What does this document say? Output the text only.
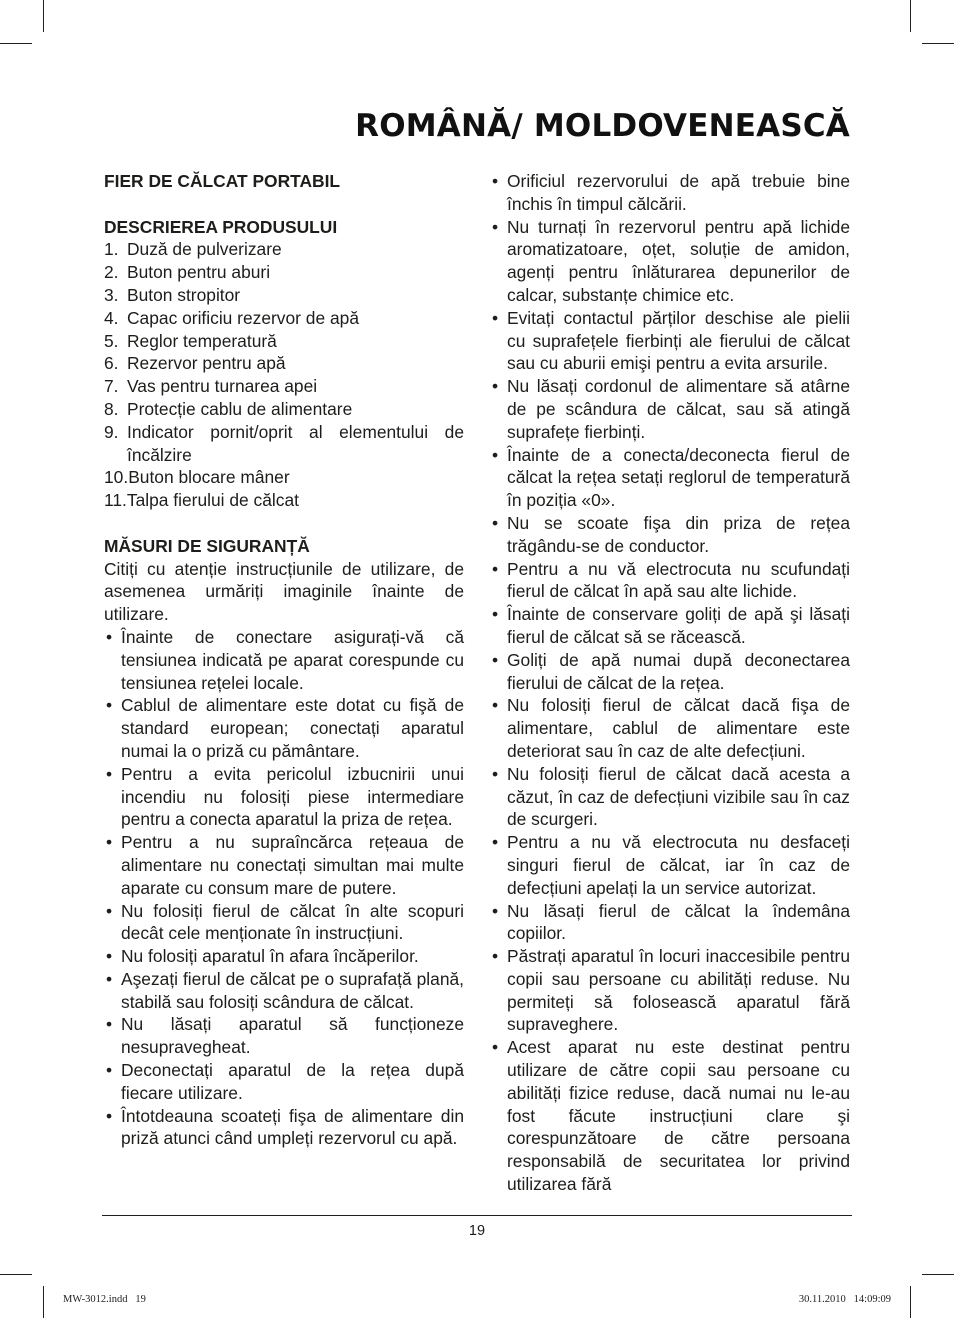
ROMÂNĂ/ MOLDOVENEASCĂ

FIER DE CĂLCAT PORTABIL

DESCRIEREA PRODUSULUI

1. Duză de pulverizare
2. Buton pentru aburi
3. Buton stropitor
4. Capac orificiu rezervor de apă
5. Reglor temperatură
6. Rezervor pentru apă
7. Vas pentru turnarea apei
8. Protecție cablu de alimentare
9. Indicator pornit/oprit al elementului de încălzire
10.Buton blocare mâner
11.Talpa fierului de călcat

MĂSURI DE SIGURANȚĂ

Citiți cu atenție instrucțiunile de utilizare, de asemenea urmăriți imaginile înainte de utilizare.

• Înainte de conectare asigurați-vă că tensiunea indicată pe aparat corespunde cu tensiunea rețelei locale.
• Cablul de alimentare este dotat cu fişă de standard european; conectați aparatul numai la o priză cu pământare.
• Pentru a evita pericolul izbucnirii unui incendiu nu folosiți piese intermediare pentru a conecta aparatul la priza de rețea.
• Pentru a nu supraîncărca rețeaua de alimentare nu conectați simultan mai multe aparate cu consum mare de putere.
• Nu folosiți fierul de călcat în alte scopuri decât cele menționate în instrucțiuni.
• Nu folosiți aparatul în afara încăperilor.
• Aşezați fierul de călcat pe o suprafață plană, stabilă sau folosiți scândura de călcat.
• Nu lăsați aparatul să funcționeze nesupravegheat.
• Deconectați aparatul de la rețea după fiecare utilizare.
• Întotdeauna scoateți fişa de alimentare din priză atunci când umpleți rezervorul cu apă.
• Orificiul rezervorului de apă trebuie bine închis în timpul călcării.
• Nu turnați în rezervorul pentru apă lichide aromatizatoare, oțet, soluție de amidon, agenți pentru înlăturarea depunerilor de calcar, substanțe chimice etc.
• Evitați contactul părților deschise ale pielii cu suprafețele fierbinți ale fierului de călcat sau cu aburii emişi pentru a evita arsurile.
• Nu lăsați cordonul de alimentare să atârne de pe scândura de călcat, sau să atingă suprafețe fierbinți.
• Înainte de a conecta/deconecta fierul de călcat la rețea setați reglorul de temperatură în poziția «0».
• Nu se scoate fişa din priza de rețea trăgându-se de conductor.
• Pentru a nu vă electrocuta nu scufundați fierul de călcat în apă sau alte lichide.
• Înainte de conservare goliți de apă şi lăsați fierul de călcat să se răcească.
• Goliți de apă numai după deconectarea fierului de călcat de la rețea.
• Nu folosiți fierul de călcat dacă fişa de alimentare, cablul de alimentare este deteriorat sau în caz de alte defecțiuni.
• Nu folosiți fierul de călcat dacă acesta a căzut, în caz de defecțiuni vizibile sau în caz de scurgeri.
• Pentru a nu vă electrocuta nu desfaceți singuri fierul de călcat, iar în caz de defecțiuni apelați la un service autorizat.
• Nu lăsați fierul de călcat la îndemâna copiilor.
• Păstrați aparatul în locuri inaccesibile pentru copii sau persoane cu abilități reduse. Nu permiteți să folosească aparatul fără supraveghere.
• Acest aparat nu este destinat pentru utilizare de către copii sau persoane cu abilități fizice reduse, dacă numai nu le-au fost făcute instrucțiuni clare şi corespunzătoare de către persoana responsabilă de securitatea lor privind utilizarea fără
19
MW-3012.indd   19	30.11.2010   14:09:09
